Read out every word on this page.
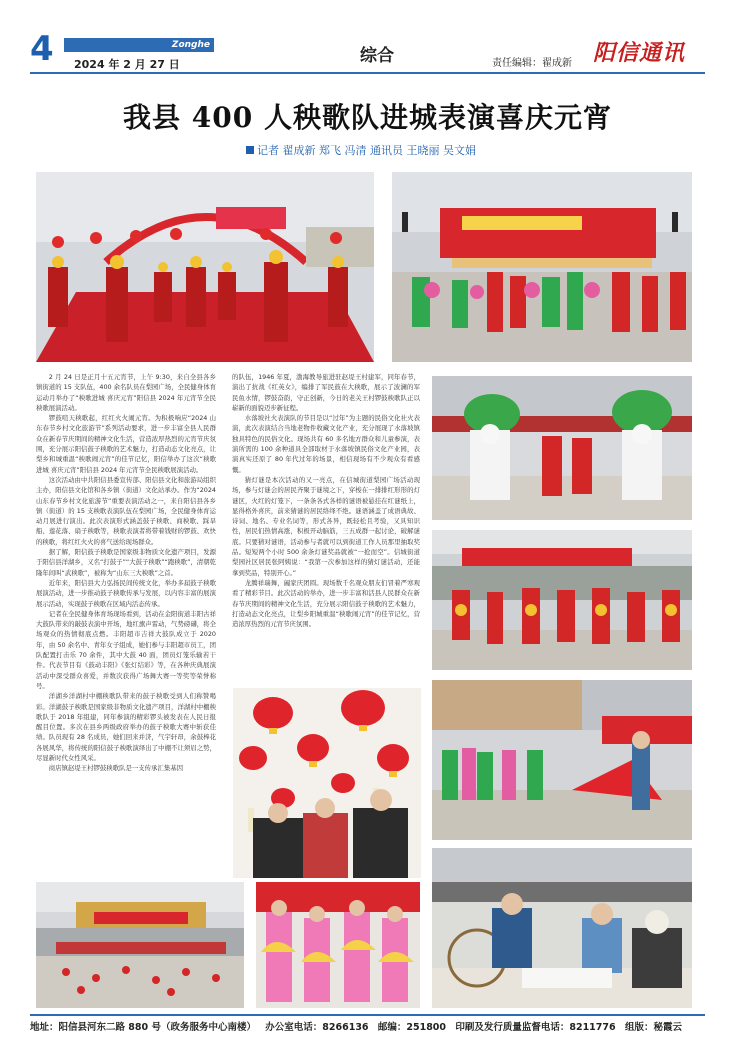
4	Zonghe
2024 年 2 月 27 日	综合	责任编辑：翟成新 阳信通讯
我县 400 人秧歌队进城表演喜庆元宵
记者 翟成新 郑飞 冯清 通讯员 王晓丽 吴文娟

2 月 24 日是正月十五元宵节，上午 9:30，来自全县各乡镇街道的 15 支队伍，400 余名队员在梨园广场，全民健身体育运动月举办了“秧歌进城 喜庆元宵”阳信县 2024 年元宵节全民秧歌展演活动。

锣鼓喧天秧歌起，红红火火闹元宵。为积极响应“2024 山东春节乡村文化旅游节”系列活动要求，进一步丰富全县人民群众在新春节庆期间的精神文化生活，营造浓厚热烈的元宵节庆氛围，充分展示阳信鼓子秧歌的艺术魅力，打造动态文化亮点，让梨乡和城重温“秧歌闹元宵”的佳节记忆，阳信举办了这次“秧歌进城 喜庆元宵”阳信县 2024 年元宵节全民秧歌展演活动。

这次活动由中共阳信县委宣传部、阳信县文化和旅游局组织主办，阳信县文化馆和各乡镇（街道）文化站承办。作为“2024 山东春节乡村文化旅游节”重要表演活动之一，来自阳信县各乡镇（街道）的 15 支秧歌表演队伍在梨园广场，全民健身体育运动月展进行演出。此次表演形式涵盖鼓子秧歌、商秧歌、踩旱船、莲花落、扇子秧歌等，秧歌表演者将带着钱财的锣鼓、欢快的秧歌，将红红火火的喜气送给现场群众。

据了解，阳信鼓子秧歌是国家级非物质文化遗产项目，发源于阳信县洋湖乡，又名“打鼓子”“大鼓子秧歌”“跑秧歌”，清朝乾隆年间叫“武秧歌”，被称为“山东三大秧歌”之首。

近年来，阳信县大力弘扬民间传统文化，举办多届鼓子秧歌展演活动，进一步推动鼓子秧歌传承与发展，以内容丰富的展演展示活动，实现鼓子秧歌在区域内活态传承。

记者在全民健身体育场现场看到，活动在金阳街道丰阳古祥大鼓队带来的敲鼓表演中开场，地红旗声雷动，气势磅礴，将全场观众的热情彻底点燃。丰阳超市吉祥大鼓队成立于 2020 年，由 50 余名中、青年女子组成，她们参与丰阳超市员工，团队配置打击乐 70 余件，其中大鼓 40 面，团员灯笼乐输若干件。代表节目有《鼓动丰阳》《张灯结彩》等，在各种庆典展演活动中深受群众喜爱，并数次获得广场舞大赛一等奖等荣誉称号。

洋湖乡洋湖村中棚秧歌队带来的鼓子秧歌受到人们称赞喝彩。洋湖鼓子秧歌是国家级非物质文化遗产项目，洋湖村中棚秧歌队于 2018 年组建，同年参演的精彩锣头被发表在人民日报醒目位置。多次在县乡两级政府举办的鼓子秧歌大赛中斩获佳绩。队员现有 28 名成员，她们回来并济，气宇轩昂，余鼓棒花各展风华，将传统的阳信鼓子秧歌演绎出了中棚不让须眉之势，尽显新时代女性风采。

商店镇赵堤王村锣鼓秧歌队是一支传承汇集基因

的队伍，1946 年夏，渤海教导旅进驻赵堤王村建军，同年春节，演出了抗战《红英女》，编排了军民鼓在大秧歌，展示了波澜的军民鱼水情，锣鼓奋韵，守正创新，今日的老关王村锣鼓秧歌队正以崭新的面貌迈步新征程。

水落坡社火表演队的节目是以“过年”为主题的民俗文化社火表演，此次表演结合当地老物件收藏文化产业，充分展现了水落坡镇独具特色的民俗文化。现场共有 60 多名地方群众和儿童参演，表演所需的 100 余种道具全部取材于水落坡镇民俗文化产业园，表演真实还原了 80 年代过年的场景，相信现场有不少观众有看感慨。

猜灯谜是本次活动的又一亮点，在信城街道梨园广场活动现场，参与灯谜会的居民齐聚于谜境之下，穿梭在一排排红形形的灯谜区，火红的灯笼下，一条条各式各样的谜语被悬挂在红谜纸上，显得格外喜庆，前来猜谜的居民络绎不绝。谜语涵盖了成语典故、诗词、地名、专业名词等，形式各异，既轻松且考验，又具知识性，居民们热情高涨，积极开动脑筋，三五成群一起讨论，破解谜底。只要猜对谜语，活动参与者就可以到街道工作人员那里抽取奖品。短短两个小时 500 余条灯谜奖品就被“一抢而空”。信城街道梨园社区居民张阿姨说：“我第一次参加这样的猜灯谜活动，还能拿到奖品，特别开心。”

龙腾祥瑞舞，阖家庆团圆。现场数千名观众朋友们冒着严寒观看了精彩节目。此次活动的举办，进一步丰富和活县人民群众在新春节庆期间的精神文化生活，充分展示阳信鼓子秧歌的艺术魅力，打造动态文化亮点，让梨乡阳城重温“秧歌闹元宵”的佳节记忆，营造浓厚热烈的元宵节庆氛围。

地址：阳信县河东二路 880 号（政务服务中心南楼） 办公室电话：8266136 邮编：251800 印刷及发行质量监督电话：8211776 组版：秘霞云
